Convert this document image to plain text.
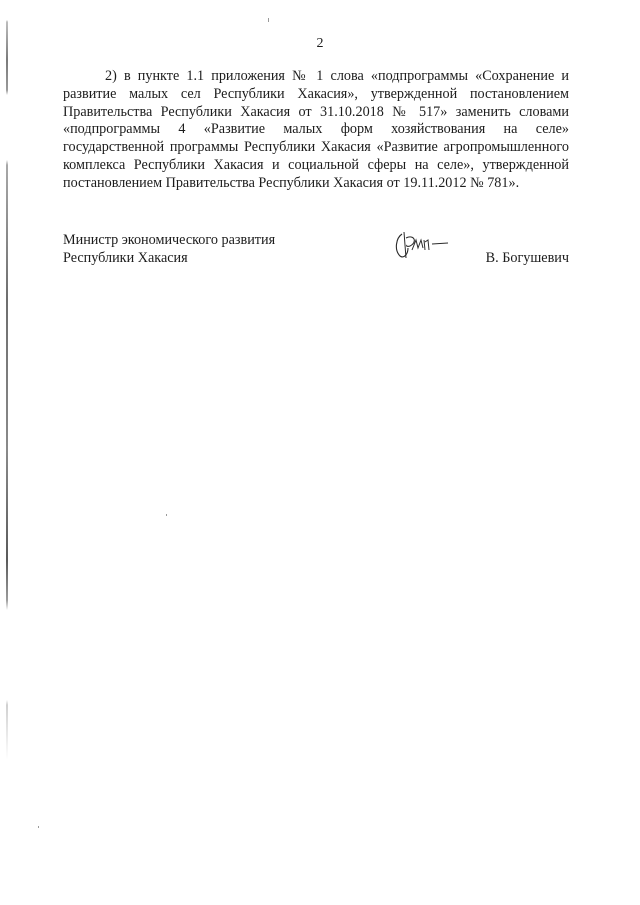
2

2) в пункте 1.1 приложения № 1 слова «подпрограммы «Сохранение и развитие малых сел Республики Хакасия», утвержденной постановлением Правительства Республики Хакасия от 31.10.2018 № 517» заменить словами «подпрограммы 4 «Развитие малых форм хозяйствования на селе» государственной программы Республики Хакасия «Развитие агропромышленного комплекса Республики Хакасия и социальной сферы на селе», утвержденной постановлением Правительства Республики Хакасия от 19.11.2012 № 781».

Министр экономического развития
Республики Хакасия	В. Богушевич
